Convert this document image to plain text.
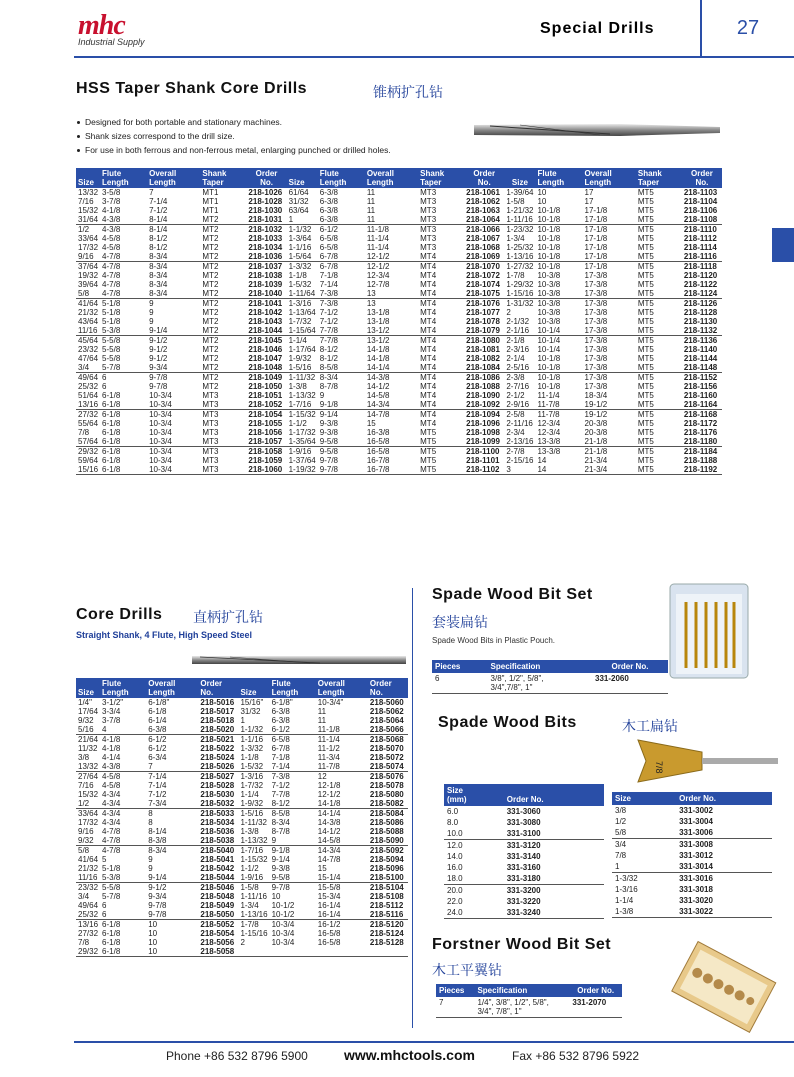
mhc
Industrial Supply
Special Drills	27
HSS Taper Shank Core Drills	锥柄扩孔钻
Designed for both portable and stationary machines.
Shank sizes correspond to the drill size.
For use in both ferrous and non-ferrous metal, enlarging punched or drilled holes.
Size	Flute Length	Overall Length	Shank Taper	Order No.	Size	Flute Length	Overall Length	Shank Taper	Order No.	Size	Flute Length	Overall Length	Shank Taper	Order No.
13/32	3-5/8	7	MT1	218-1026	61/64	6-3/8	11	MT3	218-1061	1-39/64	10	17	MT5	218-1103
7/16	3-7/8	7-1/4	MT1	218-1028	31/32	6-3/8	11	MT3	218-1062	1-5/8	10	17	MT5	218-1104
15/32	4-1/8	7-1/2	MT1	218-1030	63/64	6-3/8	11	MT3	218-1063	1-21/32	10-1/8	17-1/8	MT5	218-1106
31/64	4-3/8	8-1/4	MT2	218-1031	1	6-3/8	11	MT3	218-1064	1-11/16	10-1/8	17-1/8	MT5	218-1108
1/2	4-3/8	8-1/4	MT2	218-1032	1-1/32	6-1/2	11-1/8	MT3	218-1066	1-23/32	10-1/8	17-1/8	MT5	218-1110
33/64	4-5/8	8-1/2	MT2	218-1033	1-3/64	6-5/8	11-1/4	MT3	218-1067	1-3/4	10-1/8	17-1/8	MT5	218-1112
17/32	4-5/8	8-1/2	MT2	218-1034	1-1/16	6-5/8	11-1/4	MT3	218-1068	1-25/32	10-1/8	17-1/8	MT5	218-1114
9/16	4-7/8	8-3/4	MT2	218-1036	1-5/64	6-7/8	12-1/2	MT4	218-1069	1-13/16	10-1/8	17-1/8	MT5	218-1116
37/64	4-7/8	8-3/4	MT2	218-1037	1-3/32	6-7/8	12-1/2	MT4	218-1070	1-27/32	10-1/8	17-1/8	MT5	218-1118
19/32	4-7/8	8-3/4	MT2	218-1038	1-1/8	7-1/8	12-3/4	MT4	218-1072	1-7/8	10-3/8	17-3/8	MT5	218-1120
39/64	4-7/8	8-3/4	MT2	218-1039	1-5/32	7-1/4	12-7/8	MT4	218-1074	1-29/32	10-3/8	17-3/8	MT5	218-1122
5/8	4-7/8	8-3/4	MT2	218-1040	1-11/64	7-3/8	13	MT4	218-1075	1-15/16	10-3/8	17-3/8	MT5	218-1124
41/64	5-1/8	9	MT2	218-1041	1-3/16	7-3/8	13	MT4	218-1076	1-31/32	10-3/8	17-3/8	MT5	218-1126
21/32	5-1/8	9	MT2	218-1042	1-13/64	7-1/2	13-1/8	MT4	218-1077	2	10-3/8	17-3/8	MT5	218-1128
43/64	5-1/8	9	MT2	218-1043	1-7/32	7-1/2	13-1/8	MT4	218-1078	2-1/32	10-3/8	17-3/8	MT5	218-1130
11/16	5-3/8	9-1/4	MT2	218-1044	1-15/64	7-7/8	13-1/2	MT4	218-1079	2-1/16	10-1/4	17-3/8	MT5	218-1132
45/64	5-5/8	9-1/2	MT2	218-1045	1-1/4	7-7/8	13-1/2	MT4	218-1080	2-1/8	10-1/4	17-3/8	MT5	218-1136
23/32	5-5/8	9-1/2	MT2	218-1046	1-17/64	8-1/2	14-1/8	MT4	218-1081	2-3/16	10-1/4	17-3/8	MT5	218-1140
47/64	5-5/8	9-1/2	MT2	218-1047	1-9/32	8-1/2	14-1/8	MT4	218-1082	2-1/4	10-1/8	17-3/8	MT5	218-1144
3/4	5-7/8	9-3/4	MT2	218-1048	1-5/16	8-5/8	14-1/4	MT4	218-1084	2-5/16	10-1/8	17-3/8	MT5	218-1148
49/64	6	9-7/8	MT2	218-1049	1-11/32	8-3/4	14-3/8	MT4	218-1086	2-3/8	10-1/8	17-3/8	MT5	218-1152
25/32	6	9-7/8	MT2	218-1050	1-3/8	8-7/8	14-1/2	MT4	218-1088	2-7/16	10-1/8	17-3/8	MT5	218-1156
51/64	6-1/8	10-3/4	MT3	218-1051	1-13/32	9	14-5/8	MT4	218-1090	2-1/2	11-1/4	18-3/4	MT5	218-1160
13/16	6-1/8	10-3/4	MT3	218-1052	1-7/16	9-1/8	14-3/4	MT4	218-1092	2-9/16	11-7/8	19-1/2	MT5	218-1164
27/32	6-1/8	10-3/4	MT3	218-1054	1-15/32	9-1/4	14-7/8	MT4	218-1094	2-5/8	11-7/8	19-1/2	MT5	218-1168
55/64	6-1/8	10-3/4	MT3	218-1055	1-1/2	9-3/8	15	MT4	218-1096	2-11/16	12-3/4	20-3/8	MT5	218-1172
7/8	6-1/8	10-3/4	MT3	218-1056	1-17/32	9-3/8	16-3/8	MT5	218-1098	2-3/4	12-3/4	20-3/8	MT5	218-1176
57/64	6-1/8	10-3/4	MT3	218-1057	1-35/64	9-5/8	16-5/8	MT5	218-1099	2-13/16	13-3/8	21-1/8	MT5	218-1180
29/32	6-1/8	10-3/4	MT3	218-1058	1-9/16	9-5/8	16-5/8	MT5	218-1100	2-7/8	13-3/8	21-1/8	MT5	218-1184
59/64	6-1/8	10-3/4	MT3	218-1059	1-37/64	9-7/8	16-7/8	MT5	218-1101	2-15/16	14	21-3/4	MT5	218-1188
15/16	6-1/8	10-3/4	MT3	218-1060	1-19/32	9-7/8	16-7/8	MT5	218-1102	3	14	21-3/4	MT5	218-1192
Core Drills 直柄扩孔钻
Straight Shank, 4 Flute, High Speed Steel
Size	Flute Length	Overall Length	Order No.	Size	Flute Length	Overall Length	Order No.
1/4"	3-1/2"	6-1/8"	218-5016	15/16"	6-1/8"	10-3/4"	218-5060
17/64	3-3/4	6-1/8	218-5017	31/32	6-3/8	11	218-5062
9/32	3-7/8	6-1/4	218-5018	1	6-3/8	11	218-5064
5/16	4	6-3/8	218-5020	1-1/32	6-1/2	11-1/8	218-5066
21/64	4-1/8	6-1/2	218-5021	1-1/16	6-5/8	11-1/4	218-5068
11/32	4-1/8	6-1/2	218-5022	1-3/32	6-7/8	11-1/2	218-5070
3/8	4-1/4	6-3/4	218-5024	1-1/8	7-1/8	11-3/4	218-5072
13/32	4-3/8	7	218-5026	1-5/32	7-1/4	11-7/8	218-5074
27/64	4-5/8	7-1/4	218-5027	1-3/16	7-3/8	12	218-5076
7/16	4-5/8	7-1/4	218-5028	1-7/32	7-1/2	12-1/8	218-5078
15/32	4-3/4	7-1/2	218-5030	1-1/4	7-7/8	12-1/2	218-5080
1/2	4-3/4	7-3/4	218-5032	1-9/32	8-1/2	14-1/8	218-5082
33/64	4-3/4	8	218-5033	1-5/16	8-5/8	14-1/4	218-5084
17/32	4-3/4	8	218-5034	1-11/32	8-3/4	14-3/8	218-5086
9/16	4-7/8	8-1/4	218-5036	1-3/8	8-7/8	14-1/2	218-5088
9/32	4-7/8	8-3/8	218-5038	1-13/32	9	14-5/8	218-5090
5/8	4-7/8	8-3/4	218-5040	1-7/16	9-1/8	14-3/4	218-5092
41/64	5	9	218-5041	1-15/32	9-1/4	14-7/8	218-5094
21/32	5-1/8	9	218-5042	1-1/2	9-3/8	15	218-5096
11/16	5-3/8	9-1/4	218-5044	1-9/16	9-5/8	15-1/4	218-5100
23/32	5-5/8	9-1/2	218-5046	1-5/8	9-7/8	15-5/8	218-5104
3/4	5-7/8	9-3/4	218-5048	1-11/16	10	15-3/4	218-5108
49/64	6	9-7/8	218-5049	1-3/4	10-1/2	16-1/4	218-5112
25/32	6	9-7/8	218-5050	1-13/16	10-1/2	16-1/4	218-5116
13/16	6-1/8	10	218-5052	1-7/8	10-3/4	16-1/2	218-5120
27/32	6-1/8	10	218-5054	1-15/16	10-3/4	16-5/8	218-5124
7/8	6-1/8	10	218-5056	2	10-3/4	16-5/8	218-5128
29/32	6-1/8	10	218-5058				
Spade Wood Bit Set
套装扁钻
Spade Wood Bits in Plastic Pouch.
Pieces	Specification	Order No.
6	3/8", 1/2", 5/8",
3/4",7/8", 1"	331-2060
Spade Wood Bits	木工扁钻
7/8
Size
(mm)	Order No.
6.0	331-3060
8.0	331-3080
10.0	331-3100
12.0	331-3120
14.0	331-3140
16.0	331-3160
18.0	331-3180
20.0	331-3200
22.0	331-3220
24.0	331-3240
Size	Order No.
3/8	331-3002
1/2	331-3004
5/8	331-3006
3/4	331-3008
7/8	331-3012
1	331-3014
1-3/32	331-3016
1-3/16	331-3018
1-1/4	331-3020
1-3/8	331-3022
Forstner Wood Bit Set
木工平翼钻
Pieces	Specification	Order No.
7	1/4", 3/8", 1/2", 5/8",
3/4", 7/8", 1"	331-2070
Phone +86 532 8796 5900	www.mhctools.com	Fax +86 532 8796 5922
